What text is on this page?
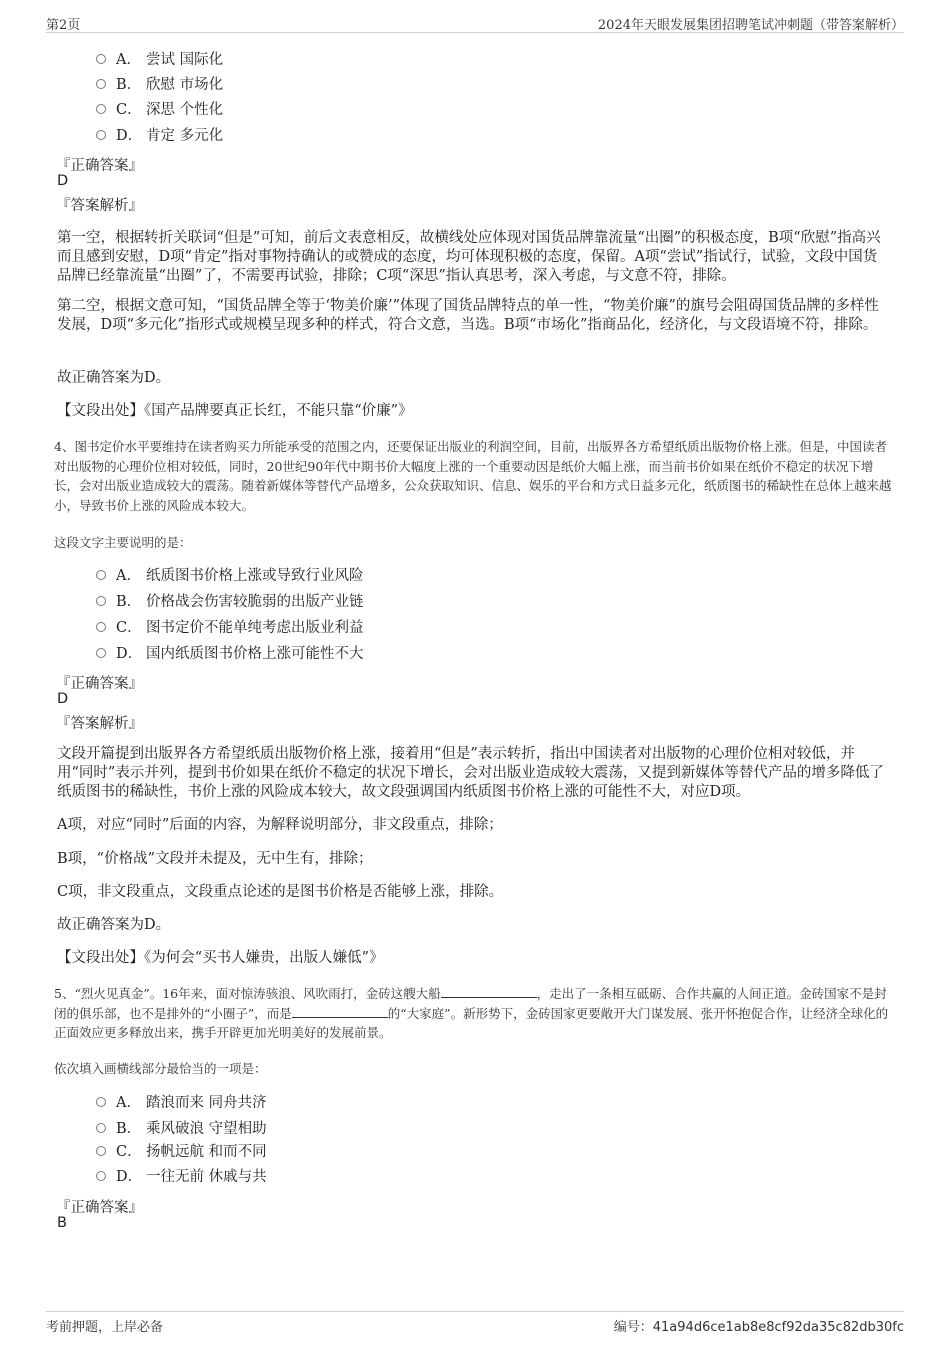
第2页	2024年天眼发展集团招聘笔试冲刺题（带答案解析）
A． 尝试 国际化
B． 欣慰 市场化
C． 深思 个性化
D． 肯定 多元化
『正确答案』
D
『答案解析』
第一空，根据转折关联词“但是”可知，前后文表意相反，故横线处应体现对国货品牌靠流量“出圈”的积极态度，B项“欣慰”指高兴而且感到安慰，D项“肯定”指对事物持确认的或赞成的态度，均可体现积极的态度，保留。A项“尝试”指试行，试验，文段中国货品牌已经靠流量“出圈”了，不需要再试验，排除；C项“深思”指认真思考，深入考虑，与文意不符，排除。
第二空，根据文意可知，“国货品牌全等于‘物美价廉’”体现了国货品牌特点的单一性，“物美价廉”的旗号会阻碍国货品牌的多样性发展，D项“多元化”指形式或规模呈现多种的样式，符合文意，当选。B项“市场化”指商品化，经济化，与文段语境不符，排除。
故正确答案为D。
【文段出处】《国产品牌要真正长红，不能只靠“价廉”》
4、图书定价水平要维持在读者购买力所能承受的范围之内，还要保证出版业的利润空间，目前，出版界各方希望纸质出版物价格上涨。但是，中国读者对出版物的心理价位相对较低，同时，20世纪90年代中期书价大幅度上涨的一个重要动因是纸价大幅上涨，而当前书价如果在纸价不稳定的状况下增长，会对出版业造成较大的震荡。随着新媒体等替代产品增多，公众获取知识、信息、娱乐的平台和方式日益多元化，纸质图书的稀缺性在总体上越来越小，导致书价上涨的风险成本较大。
这段文字主要说明的是：
A． 纸质图书价格上涨或导致行业风险
B． 价格战会伤害较脆弱的出版产业链
C． 图书定价不能单纯考虑出版业利益
D． 国内纸质图书价格上涨可能性不大
『正确答案』
D
『答案解析』
文段开篇提到出版界各方希望纸质出版物价格上涨，接着用“但是”表示转折，指出中国读者对出版物的心理价位相对较低，并用“同时”表示并列，提到书价如果在纸价不稳定的状况下增长，会对出版业造成较大震荡，又提到新媒体等替代产品的增多降低了纸质图书的稀缺性，书价上涨的风险成本较大，故文段强调国内纸质图书价格上涨的可能性不大，对应D项。
A项，对应“同时”后面的内容，为解释说明部分，非文段重点，排除；
B项，“价格战”文段并未提及，无中生有，排除；
C项，非文段重点，文段重点论述的是图书价格是否能够上涨，排除。
故正确答案为D。
【文段出处】《为何会“买书人嫌贵，出版人嫌低”》
5、“烈火见真金”。16年来，面对惊涛骇浪、风吹雨打，金砖这艘大船	，走出了一条相互砥砺、合作共赢的人间正道。金砖国家不是封闭的俱乐部，也不是排外的“小圈子”，而是	的“大家庭”。新形势下，金砖国家更要敞开大门谋发展、张开怀抱促合作，让经济全球化的正面效应更多释放出来，携手开辟更加光明美好的发展前景。
依次填入画横线部分最恰当的一项是：
A． 踏浪而来 同舟共济
B． 乘风破浪 守望相助
C． 扬帆远航 和而不同
D． 一往无前 休戚与共
『正确答案』
B
考前押题，上岸必备	编号：41a94d6ce1ab8e8cf92da35c82db30fc
